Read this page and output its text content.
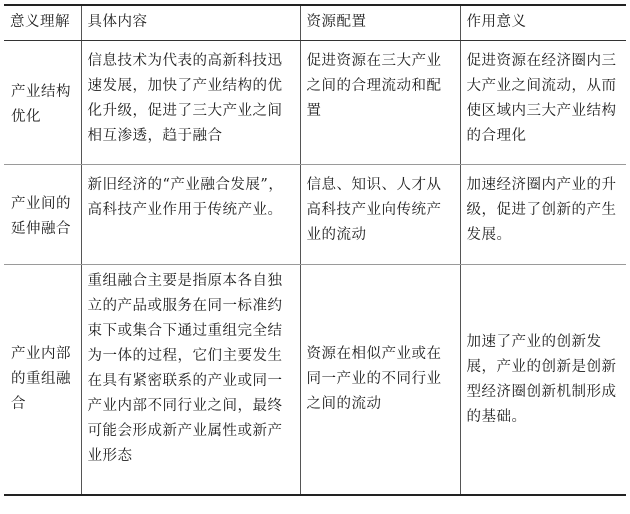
意义理解	具体内容	资源配置	作用意义
产业结构优化	信息技术为代表的高新科技迅速发展，加快了产业结构的优化升级，促进了三大产业之间相互渗透，趋于融合	促进资源在三大产业之间的合理流动和配置	促进资源在经济圈内三大产业之间流动，从而使区域内三大产业结构的合理化
产业间的延伸融合	新旧经济的“产业融合发展”，高科技产业作用于传统产业。	信息、知识、人才从高科技产业向传统产业的流动	加速经济圈内产业的升级，促进了创新的产生发展。
产业内部的重组融合	重组融合主要是指原本各自独立的产品或服务在同一标准约束下或集合下通过重组完全结为一体的过程，它们主要发生在具有紧密联系的产业或同一产业内部不同行业之间，最终可能会形成新产业属性或新产业形态	资源在相似产业或在同一产业的不同行业之间的流动	加速了产业的创新发展，产业的创新是创新型经济圈创新机制形成的基础。
